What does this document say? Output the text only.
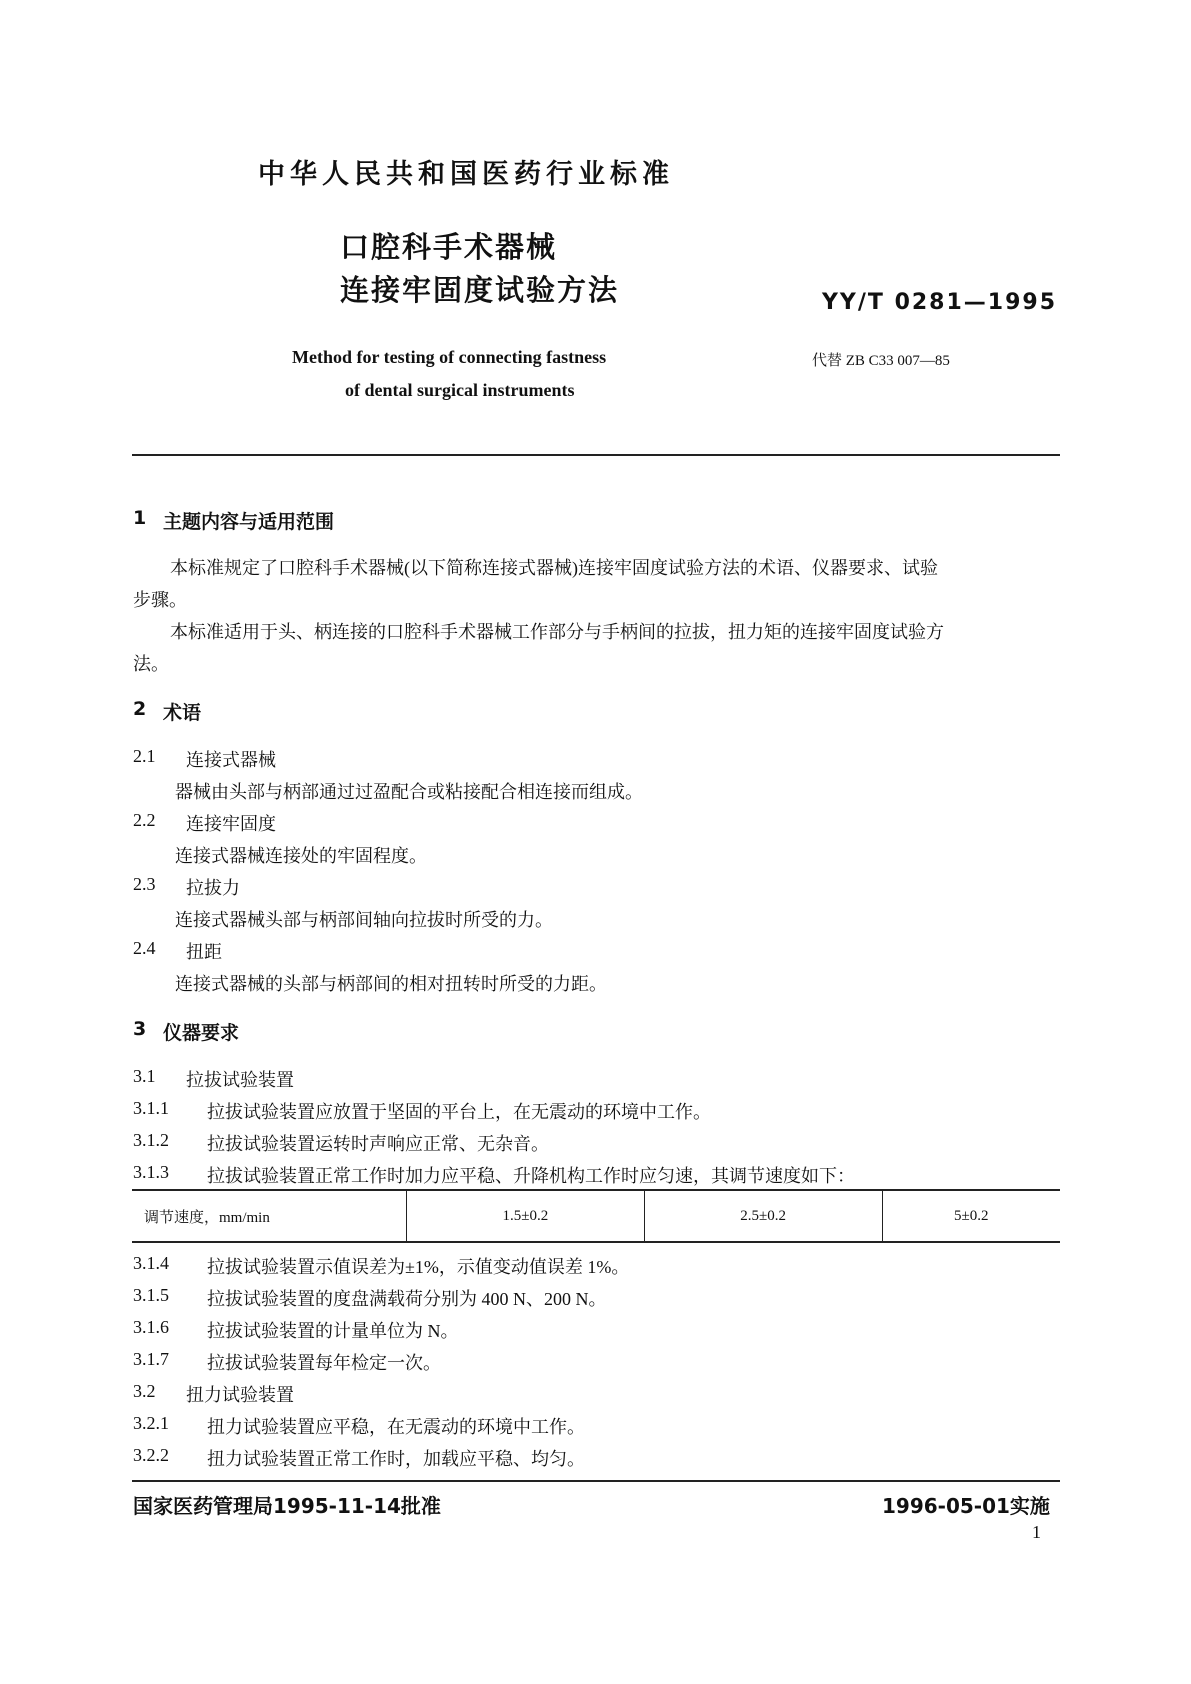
中华人民共和国医药行业标准
口腔科手术器械
连接牢固度试验方法	YY/T 0281—1995
Method for testing of connecting fastness
of dental surgical instruments
代替 ZB C33 007—85
1 主题内容与适用范围
本标准规定了口腔科手术器械(以下简称连接式器械)连接牢固度试验方法的术语、仪器要求、试验
步骤。
本标准适用于头、柄连接的口腔科手术器械工作部分与手柄间的拉拔，扭力矩的连接牢固度试验方
法。
2 术语
2.1 连接式器械
器械由头部与柄部通过过盈配合或粘接配合相连接而组成。
2.2 连接牢固度
连接式器械连接处的牢固程度。
2.3 拉拔力
连接式器械头部与柄部间轴向拉拔时所受的力。
2.4 扭距
连接式器械的头部与柄部间的相对扭转时所受的力距。
3 仪器要求
3.1 拉拔试验装置
3.1.1 拉拔试验装置应放置于坚固的平台上，在无震动的环境中工作。
3.1.2 拉拔试验装置运转时声响应正常、无杂音。
3.1.3 拉拔试验装置正常工作时加力应平稳、升降机构工作时应匀速，其调节速度如下：
调节速度，mm/min	1.5±0.2	2.5±0.2	5±0.2
3.1.4 拉拔试验装置示值误差为±1%，示值变动值误差 1%。
3.1.5 拉拔试验装置的度盘满载荷分别为 400 N、200 N。
3.1.6 拉拔试验装置的计量单位为 N。
3.1.7 拉拔试验装置每年检定一次。
3.2 扭力试验装置
3.2.1 扭力试验装置应平稳，在无震动的环境中工作。
3.2.2 扭力试验装置正常工作时，加载应平稳、均匀。
国家医药管理局1995-11-14批准	1996-05-01实施
1
